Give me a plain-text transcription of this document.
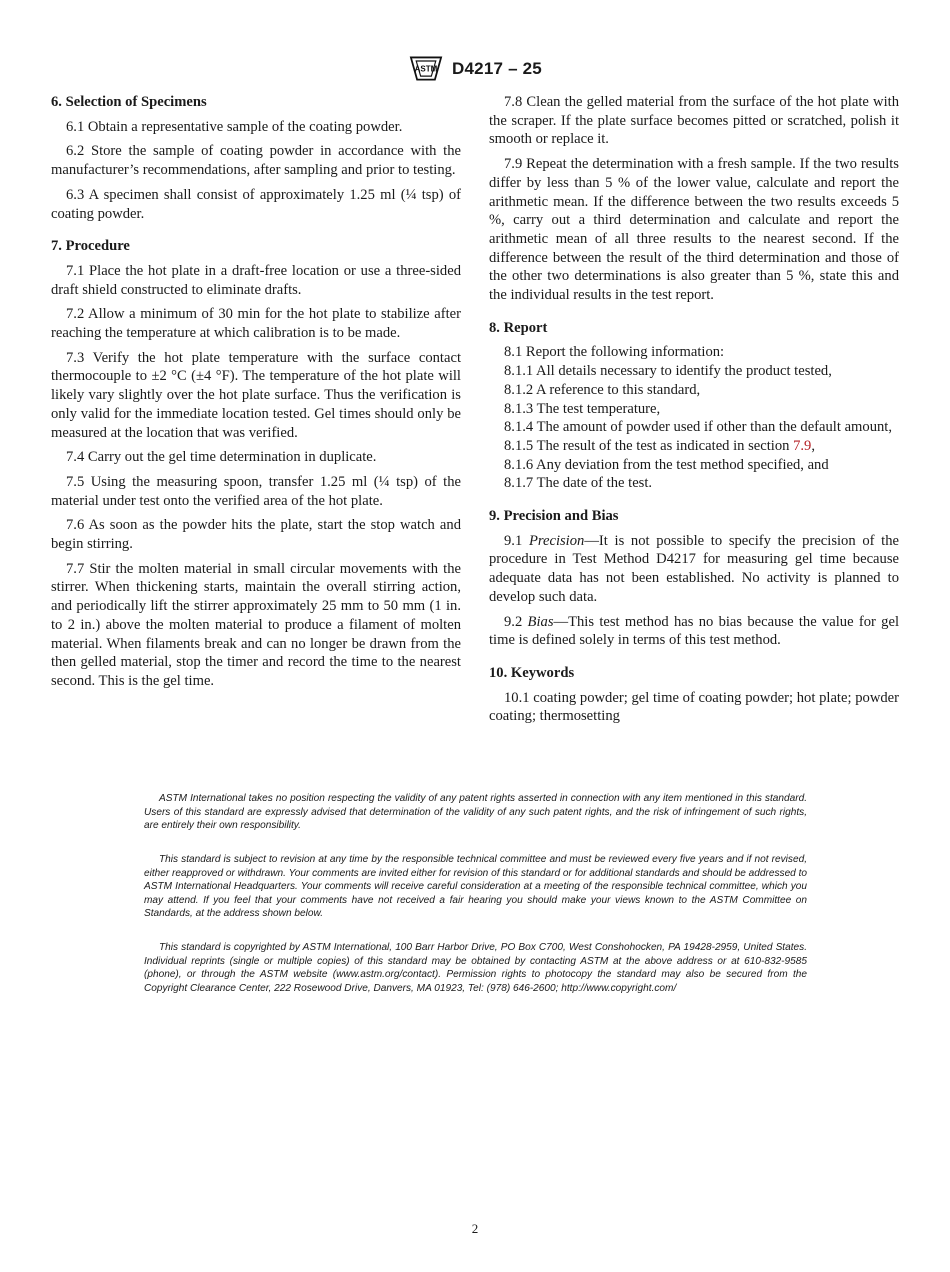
ASTM D4217 – 25
6. Selection of Specimens

6.1 Obtain a representative sample of the coating powder.

6.2 Store the sample of coating powder in accordance with the manufacturer’s recommendations, after sampling and prior to testing.

6.3 A specimen shall consist of approximately 1.25 ml (¼ tsp) of coating powder.

7. Procedure

7.1 Place the hot plate in a draft-free location or use a three-sided draft shield constructed to eliminate drafts.

7.2 Allow a minimum of 30 min for the hot plate to stabilize after reaching the temperature at which calibration is to be made.

7.3 Verify the hot plate temperature with the surface contact thermocouple to ±2 °C (±4 °F). The temperature of the hot plate will likely vary slightly over the hot plate surface. Thus the verification is only valid for the immediate location tested. Gel times should only be measured at the location that was verified.

7.4 Carry out the gel time determination in duplicate.

7.5 Using the measuring spoon, transfer 1.25 ml (¼ tsp) of the material under test onto the verified area of the hot plate.

7.6 As soon as the powder hits the plate, start the stop watch and begin stirring.

7.7 Stir the molten material in small circular movements with the stirrer. When thickening starts, maintain the overall stirring action, and periodically lift the stirrer approximately 25 mm to 50 mm (1 in. to 2 in.) above the molten material to produce a filament of molten material. When filaments break and can no longer be drawn from the then gelled material, stop the timer and record the time to the nearest second. This is the gel time.

7.8 Clean the gelled material from the surface of the hot plate with the scraper. If the plate surface becomes pitted or scratched, polish it smooth or replace it.

7.9 Repeat the determination with a fresh sample. If the two results differ by less than 5 % of the lower value, calculate and report the arithmetic mean. If the difference between the two results exceeds 5 %, carry out a third determination and calculate and report the arithmetic mean of all three results to the nearest second. If the difference between the result of the third determination and those of the other two determinations is also greater than 5 %, state this and the individual results in the test report.

8. Report

8.1 Report the following information:

8.1.1 All details necessary to identify the product tested,

8.1.2 A reference to this standard,

8.1.3 The test temperature,

8.1.4 The amount of powder used if other than the default amount,

8.1.5 The result of the test as indicated in section 7.9,

8.1.6 Any deviation from the test method specified, and

8.1.7 The date of the test.

9. Precision and Bias

9.1 Precision—It is not possible to specify the precision of the procedure in Test Method D4217 for measuring gel time because adequate data has not been established. No activity is planned to develop such data.

9.2 Bias—This test method has no bias because the value for gel time is defined solely in terms of this test method.

10. Keywords

10.1 coating powder; gel time of coating powder; hot plate; powder coating; thermosetting

ASTM International takes no position respecting the validity of any patent rights asserted in connection with any item mentioned in this standard. Users of this standard are expressly advised that determination of the validity of any such patent rights, and the risk of infringement of such rights, are entirely their own responsibility.

This standard is subject to revision at any time by the responsible technical committee and must be reviewed every five years and if not revised, either reapproved or withdrawn. Your comments are invited either for revision of this standard or for additional standards and should be addressed to ASTM International Headquarters. Your comments will receive careful consideration at a meeting of the responsible technical committee, which you may attend. If you feel that your comments have not received a fair hearing you should make your views known to the ASTM Committee on Standards, at the address shown below.

This standard is copyrighted by ASTM International, 100 Barr Harbor Drive, PO Box C700, West Conshohocken, PA 19428-2959, United States. Individual reprints (single or multiple copies) of this standard may be obtained by contacting ASTM at the above address or at 610-832-9585 (phone), or through the ASTM website (www.astm.org/contact). Permission rights to photocopy the standard may also be secured from the Copyright Clearance Center, 222 Rosewood Drive, Danvers, MA 01923, Tel: (978) 646-2600; http://www.copyright.com/

2
